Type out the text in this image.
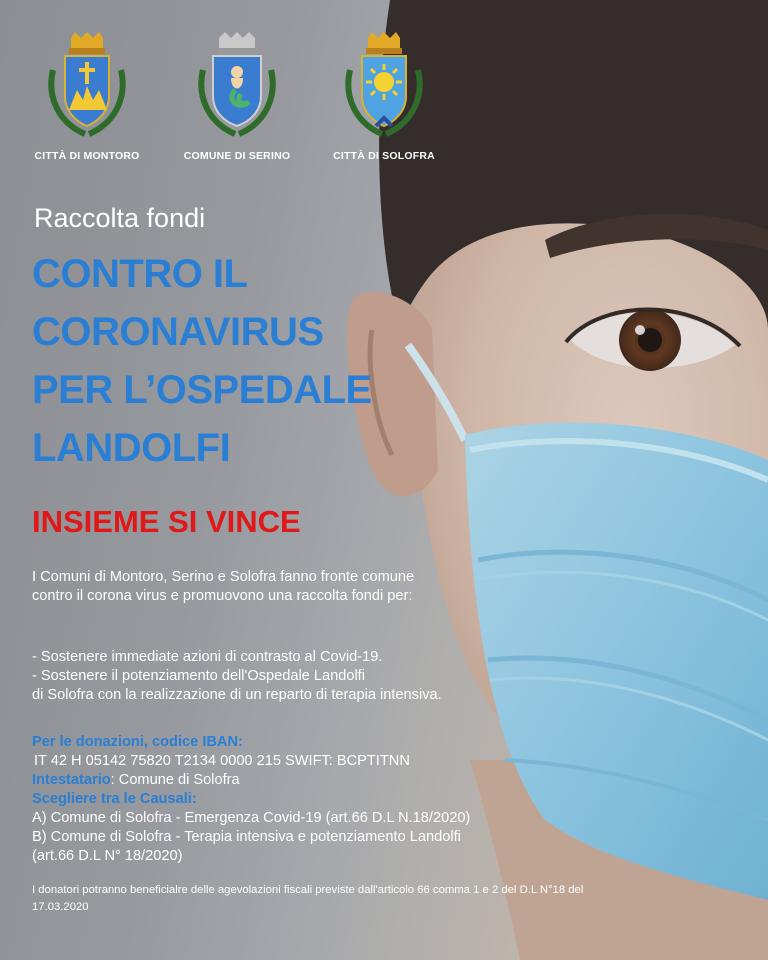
CITTÀ DI MONTORO	COMUNE DI SERINO	CITTÀ DI SOLOFRA
Raccolta fondi
CONTRO IL
CORONAVIRUS
PER L’OSPEDALE
LANDOLFI
INSIEME SI VINCE
I Comuni di Montoro, Serino e Solofra fanno fronte comune contro il corona virus e promuovono una raccolta fondi per:
- Sostenere immediate azioni di contrasto al Covid-19.
- Sostenere il potenziamento dell'Ospedale Landolfi
di Solofra con la realizzazione di un reparto di terapia intensiva.
Per le donazioni, codice IBAN:
IT 42 H 05142 75820 T2134 0000 215 SWIFT: BCPTITNN
Intestatario: Comune di Solofra
Scegliere tra le Causali:
A) Comune di Solofra - Emergenza Covid-19 (art.66 D.L N.18/2020)
B) Comune di Solofra - Terapia intensiva e potenziamento Landolfi
(art.66 D.L N° 18/2020)
I donatori potranno beneficialre delle agevolazioni fiscali previste dall'articolo 66 comma 1 e 2 del D.L N°18 del 17.03.2020
